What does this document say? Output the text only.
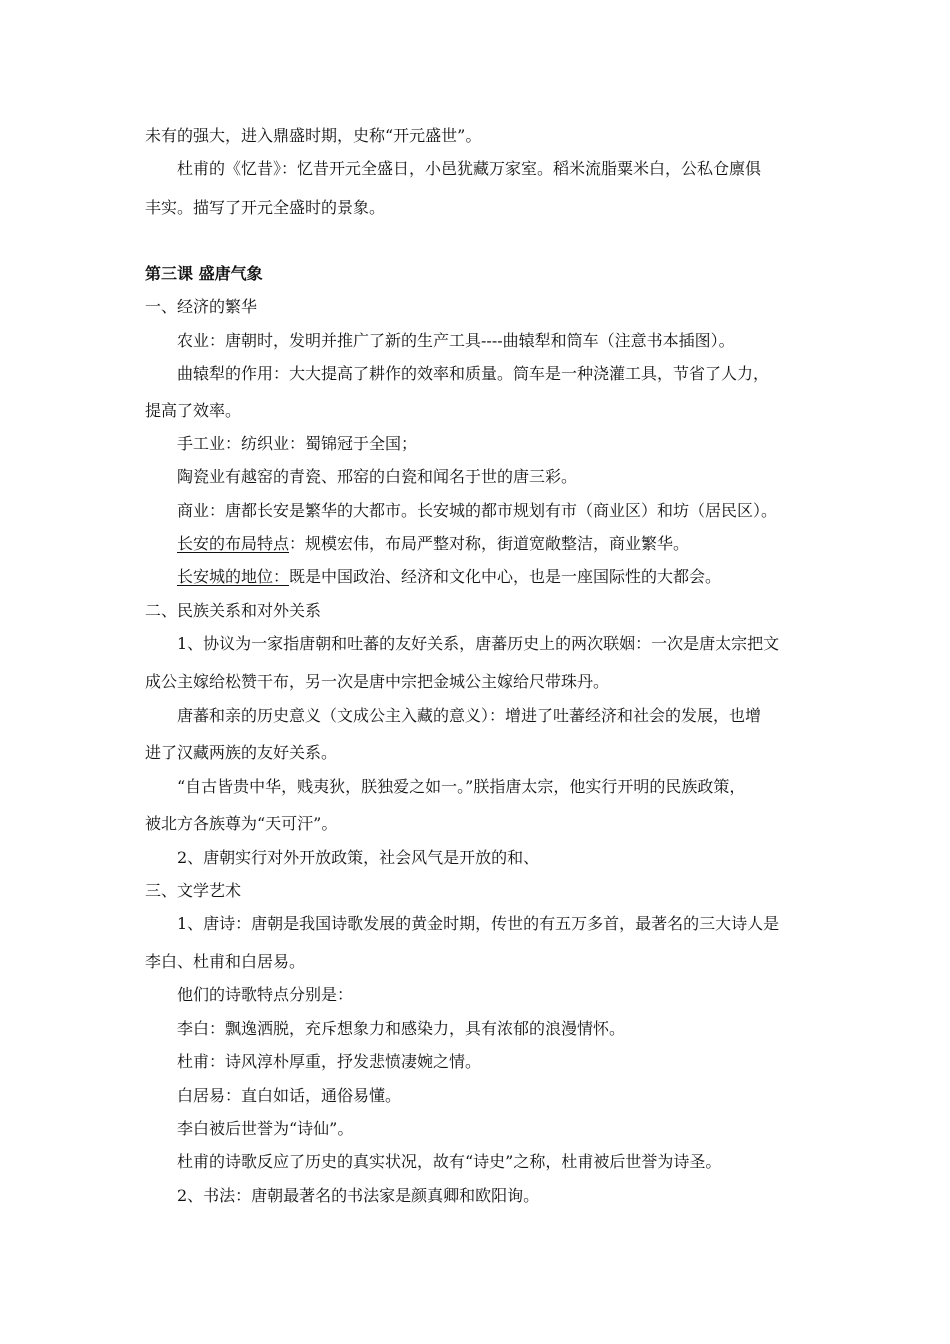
未有的强大，进入鼎盛时期，史称“开元盛世”。
杜甫的《忆昔》：忆昔开元全盛日，小邑犹藏万家室。稻米流脂粟米白，公私仓廪俱
丰实。描写了开元全盛时的景象。
第三课 盛唐气象
一、经济的繁华
农业：唐朝时，发明并推广了新的生产工具----曲辕犁和筒车（注意书本插图）。
曲辕犁的作用：大大提高了耕作的效率和质量。筒车是一种浇灌工具，节省了人力，
提高了效率。
手工业：纺织业：蜀锦冠于全国；
陶瓷业有越窑的青瓷、邢窑的白瓷和闻名于世的唐三彩。
商业：唐都长安是繁华的大都市。长安城的都市规划有市（商业区）和坊（居民区）。
长安的布局特点：规模宏伟，布局严整对称，街道宽敞整洁，商业繁华。
长安城的地位：既是中国政治、经济和文化中心，也是一座国际性的大都会。
二、民族关系和对外关系
1、协议为一家指唐朝和吐蕃的友好关系，唐蕃历史上的两次联姻：一次是唐太宗把文
成公主嫁给松赞干布，另一次是唐中宗把金城公主嫁给尺带珠丹。
唐蕃和亲的历史意义（文成公主入藏的意义）：增进了吐蕃经济和社会的发展，也增
进了汉藏两族的友好关系。
“自古皆贵中华，贱夷狄，朕独爱之如一。”朕指唐太宗，他实行开明的民族政策，
被北方各族尊为“天可汗”。
2、唐朝实行对外开放政策，社会风气是开放的和、
三、文学艺术
1、唐诗：唐朝是我国诗歌发展的黄金时期，传世的有五万多首，最著名的三大诗人是
李白、杜甫和白居易。
他们的诗歌特点分别是：
李白：飘逸洒脱，充斥想象力和感染力，具有浓郁的浪漫情怀。
杜甫：诗风淳朴厚重，抒发悲愤凄婉之情。
白居易：直白如话，通俗易懂。
李白被后世誉为“诗仙”。
杜甫的诗歌反应了历史的真实状况，故有“诗史”之称，杜甫被后世誉为诗圣。
2、书法：唐朝最著名的书法家是颜真卿和欧阳询。
